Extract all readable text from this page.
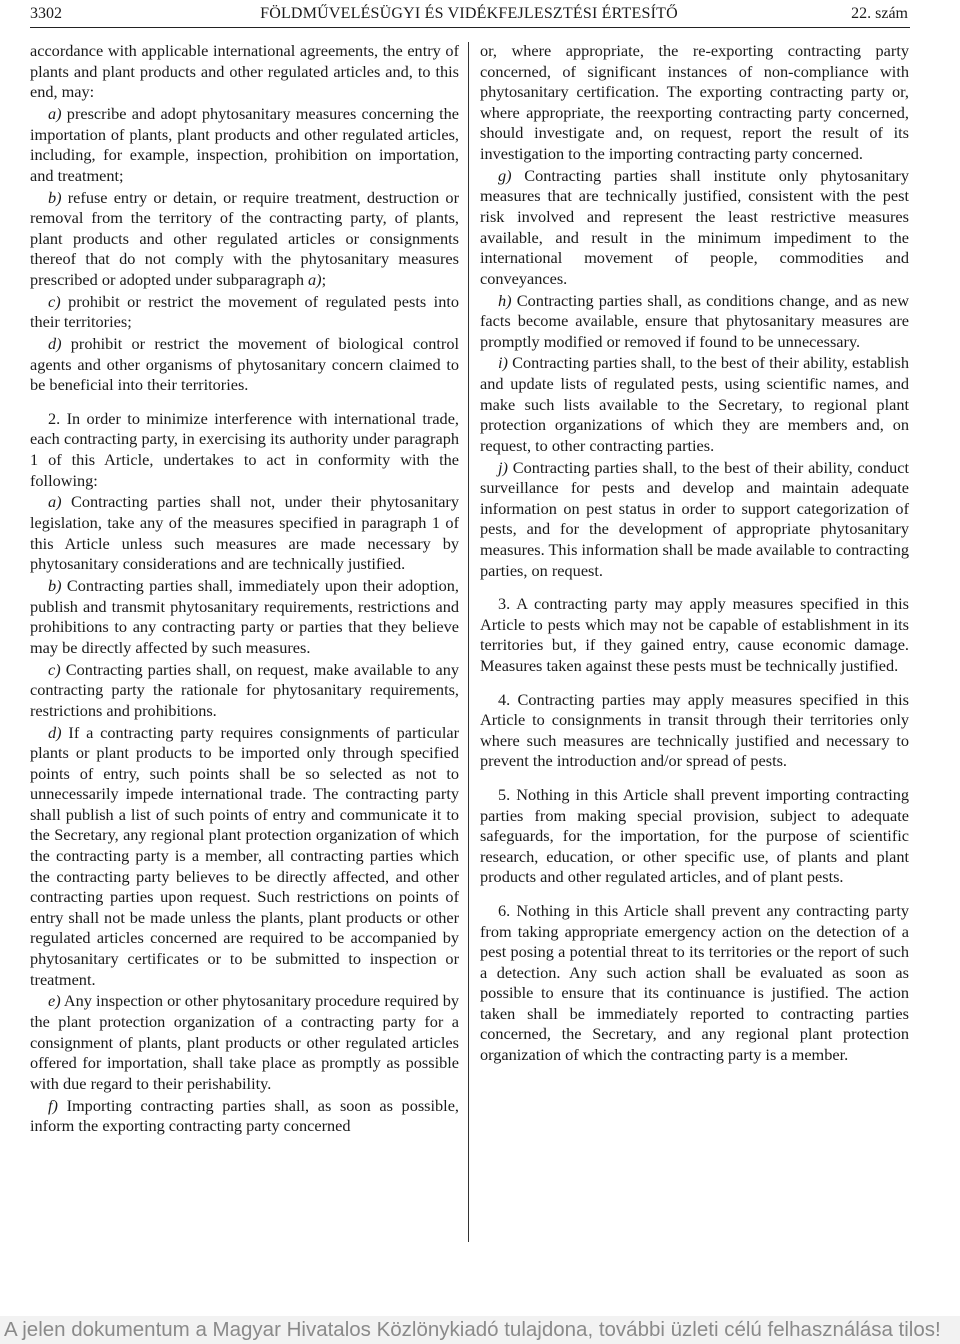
3302	FÖLDMŰVELÉSÜGYI ÉS VIDÉKFEJLESZTÉSI ÉRTESÍTŐ	22. szám

accordance with applicable international agreements, the entry of plants and plant products and other regulated articles and, to this end, may:

a) prescribe and adopt phytosanitary measures concerning the importation of plants, plant products and other regulated articles, including, for example, inspection, prohibition on importation, and treatment;

b) refuse entry or detain, or require treatment, destruction or removal from the territory of the contracting party, of plants, plant products and other regulated articles or consignments thereof that do not comply with the phytosanitary measures prescribed or adopted under subparagraph a);

c) prohibit or restrict the movement of regulated pests into their territories;

d) prohibit or restrict the movement of biological control agents and other organisms of phytosanitary concern claimed to be beneficial into their territories.

2. In order to minimize interference with international trade, each contracting party, in exercising its authority under paragraph 1 of this Article, undertakes to act in conformity with the following:

a) Contracting parties shall not, under their phytosanitary legislation, take any of the measures specified in paragraph 1 of this Article unless such measures are made necessary by phytosanitary considerations and are technically justified.

b) Contracting parties shall, immediately upon their adoption, publish and transmit phytosanitary requirements, restrictions and prohibitions to any contracting party or parties that they believe may be directly affected by such measures.

c) Contracting parties shall, on request, make available to any contracting party the rationale for phytosanitary requirements, restrictions and prohibitions.

d) If a contracting party requires consignments of particular plants or plant products to be imported only through specified points of entry, such points shall be so selected as not to unnecessarily impede international trade. The contracting party shall publish a list of such points of entry and communicate it to the Secretary, any regional plant protection organization of which the contracting party is a member, all contracting parties which the contracting party believes to be directly affected, and other contracting parties upon request. Such restrictions on points of entry shall not be made unless the plants, plant products or other regulated articles concerned are required to be accompanied by phytosanitary certificates or to be submitted to inspection or treatment.

e) Any inspection or other phytosanitary procedure required by the plant protection organization of a contracting party for a consignment of plants, plant products or other regulated articles offered for importation, shall take place as promptly as possible with due regard to their perishability.

f) Importing contracting parties shall, as soon as possible, inform the exporting contracting party concerned

or, where appropriate, the re-exporting contracting party concerned, of significant instances of non-compliance with phytosanitary certification. The exporting contracting party or, where appropriate, the reexporting contracting party concerned, should investigate and, on request, report the result of its investigation to the importing contracting party concerned.

g) Contracting parties shall institute only phytosanitary measures that are technically justified, consistent with the pest risk involved and represent the least restrictive measures available, and result in the minimum impediment to the international movement of people, commodities and conveyances.

h) Contracting parties shall, as conditions change, and as new facts become available, ensure that phytosanitary measures are promptly modified or removed if found to be unnecessary.

i) Contracting parties shall, to the best of their ability, establish and update lists of regulated pests, using scientific names, and make such lists available to the Secretary, to regional plant protection organizations of which they are members and, on request, to other contracting parties.

j) Contracting parties shall, to the best of their ability, conduct surveillance for pests and develop and maintain adequate information on pest status in order to support categorization of pests, and for the development of appropriate phytosanitary measures. This information shall be made available to contracting parties, on request.

3. A contracting party may apply measures specified in this Article to pests which may not be capable of establishment in its territories but, if they gained entry, cause economic damage. Measures taken against these pests must be technically justified.

4. Contracting parties may apply measures specified in this Article to consignments in transit through their territories only where such measures are technically justified and necessary to prevent the introduction and/or spread of pests.

5. Nothing in this Article shall prevent importing contracting parties from making special provision, subject to adequate safeguards, for the importation, for the purpose of scientific research, education, or other specific use, of plants and plant products and other regulated articles, and of plant pests.

6. Nothing in this Article shall prevent any contracting party from taking appropriate emergency action on the detection of a pest posing a potential threat to its territories or the report of such a detection. Any such action shall be evaluated as soon as possible to ensure that its continuance is justified. The action taken shall be immediately reported to contracting parties concerned, the Secretary, and any regional plant protection organization of which the contracting party is a member.

A jelen dokumentum a Magyar Hivatalos Közlönykiadó tulajdona, további üzleti célú felhasználása tilos!
